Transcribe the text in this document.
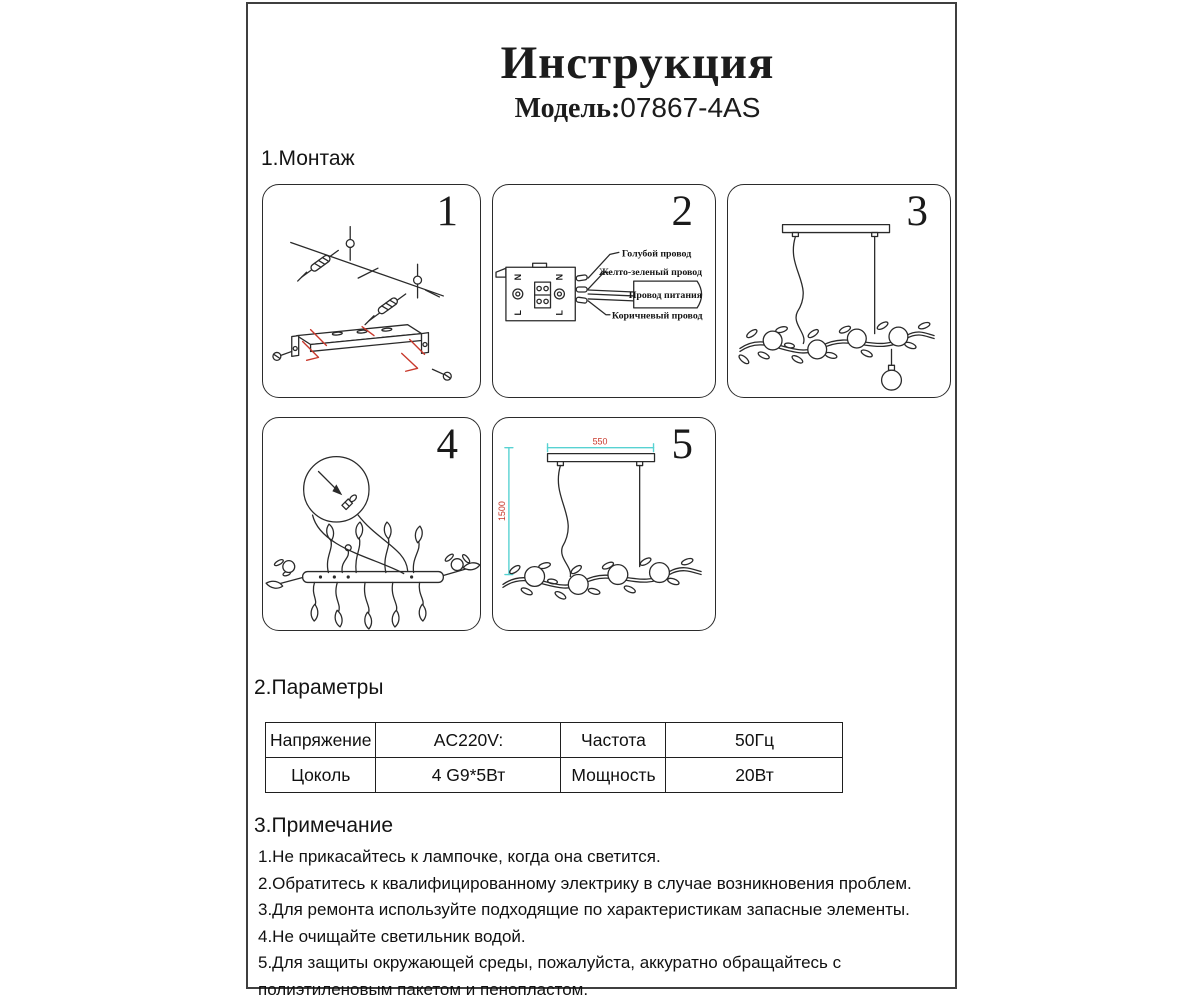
Инструкция
Модель:07867-4AS
1.Монтаж
1
N
L
N
L
Голубой провод
Желто-зеленый провод
Провод питания
Коричневый провод
2	3
4	550
1500
5
2.Параметры
Напряжение	AC220V:	Частота	50Гц
Цоколь	4 G9*5Вт	Мощность	20Вт
3.Примечание
1.Не прикасайтесь к лампочке, когда она светится.
2.Обратитесь к квалифицированному электрику в случае возникновения проблем.
3.Для ремонта используйте подходящие по характеристикам запасные элементы.
4.Не очищайте светильник водой.
5.Для защиты окружающей среды, пожалуйста, аккуратно обращайтесь с полиэтиленовым пакетом и пенопластом.
